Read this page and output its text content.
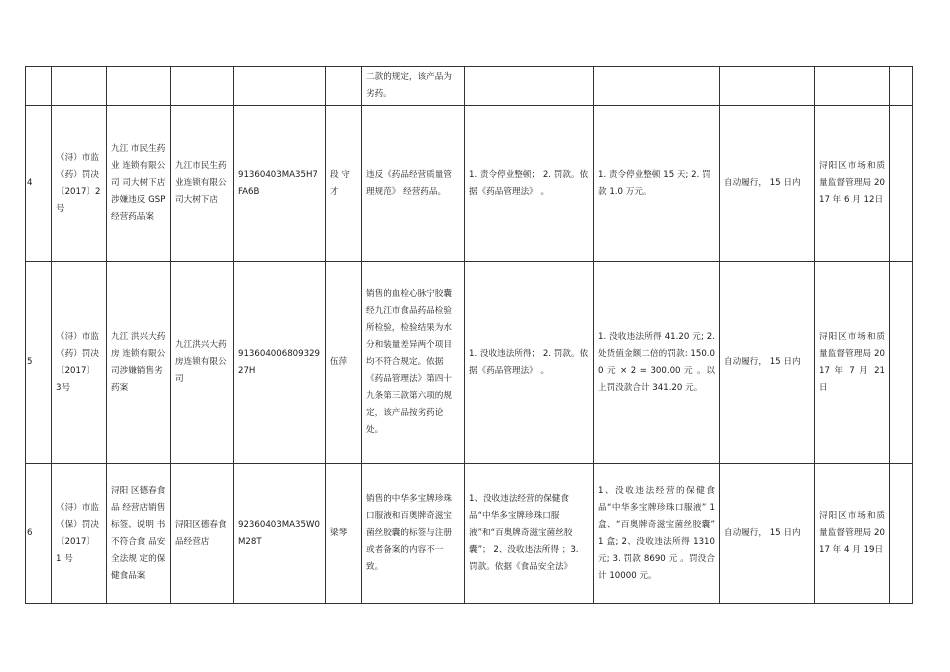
						二款的规定，该产品为劣药。					
4	（浔）市监（药）罚决〔2017〕2号	九江 市民生药业 连锁有限公司 司大树下店 涉嫌违反 GSP经营药品案	九江市民生药业连锁有限公司大树下店	91360403MA35H7FA6B	段 守才	违反《药品经营质量管理规范》 经营药品。	1. 责令停业整顿； 2. 罚款。依据《药品管理法》 。	1. 责令停业整顿 15 天; 2. 罚款 1.0 万元。	自动履行， 15 日内	浔阳区市场和质量监督管理局 2017 年 6 月 12日	
5	（浔）市监（药）罚决〔2017〕 3号	九江 洪兴大药房 连锁有限公 司涉嫌销售劣药案	九江洪兴大药房连锁有限公司	91360400680932927H	伍萍	销售的血栓心脉宁胶囊经九江市食品药品检验所检验，检验结果为水分和装量差异两个项目均不符合规定。依据《药品管理法》第四十九条第三款第六项的规定，该产品按劣药论处。	1. 没收违法所得； 2. 罚款。依据《药品管理法》 。	1. 没收违法所得 41.20 元; 2. 处货值金额二倍的罚款: 150.00 元 × 2 = 300.00 元 。以上罚没款合计 341.20 元。	自动履行， 15 日内	浔阳区市场和质量监督管理局 2017 年 7 月 21 日	
6	（浔）市监（保）罚决〔2017〕 1 号	浔阳 区德春食品 经营店销售 标签、说明 书不符合食 品安全法规 定的保健食品案	浔阳区德春食品经营店	92360403MA35W0M28T	梁琴	销售的中华多宝牌珍珠口服液和百奥牌奇滋宝菌丝胶囊的标签与注册或者备案的内容不一致。	1、没收违法经营的保健食品“中华多宝牌珍珠口服液”和“百奥牌奇滋宝菌丝胶囊”； 2、没收违法所得 ；3. 罚款。依据《食品安全法》	1、没收违法经营的保健食品“中华多宝牌珍珠口服液” 1 盒、“百奥牌奇滋宝菌丝胶囊” 1 盒; 2、没收违法所得 1310 元; 3. 罚款 8690 元 。罚没合计 10000 元。	自动履行， 15 日内	浔阳区市场和质量监督管理局 2017 年 4 月 19日	
